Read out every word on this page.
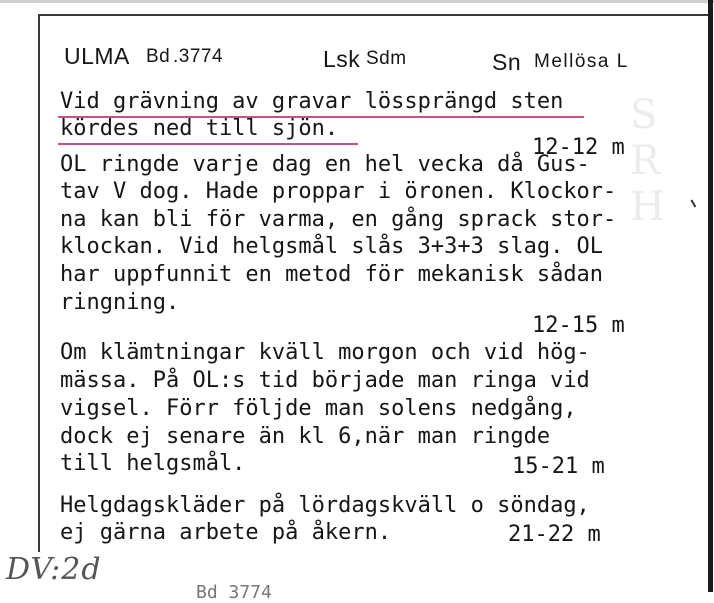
S R H
ULMA Bd .3774	Lsk Sdm	Sn Mellösa L
Vid grävning av gravar lössprängd sten
kördes ned till sjön.
12-12 m
OL ringde varje dag en hel vecka då Gus-
tav V dog. Hade proppar i öronen. Klockor-
na kan bli för varma, en gång sprack stor-
klockan. Vid helgsmål slås 3+3+3 slag. OL
har uppfunnit en metod för mekanisk sådan
ringning.
12-15 m
Om klämtningar kväll morgon och vid hög-
mässa. På OL:s tid började man ringa vid
vigsel. Förr följde man solens nedgång,
dock ej senare än kl 6,när man ringde
till helgsmål.	15-21 m
Helgdagskläder på lördagskväll o söndag,
ej gärna arbete på åkern.	21-22 m
DV:2d
Bd 3774
